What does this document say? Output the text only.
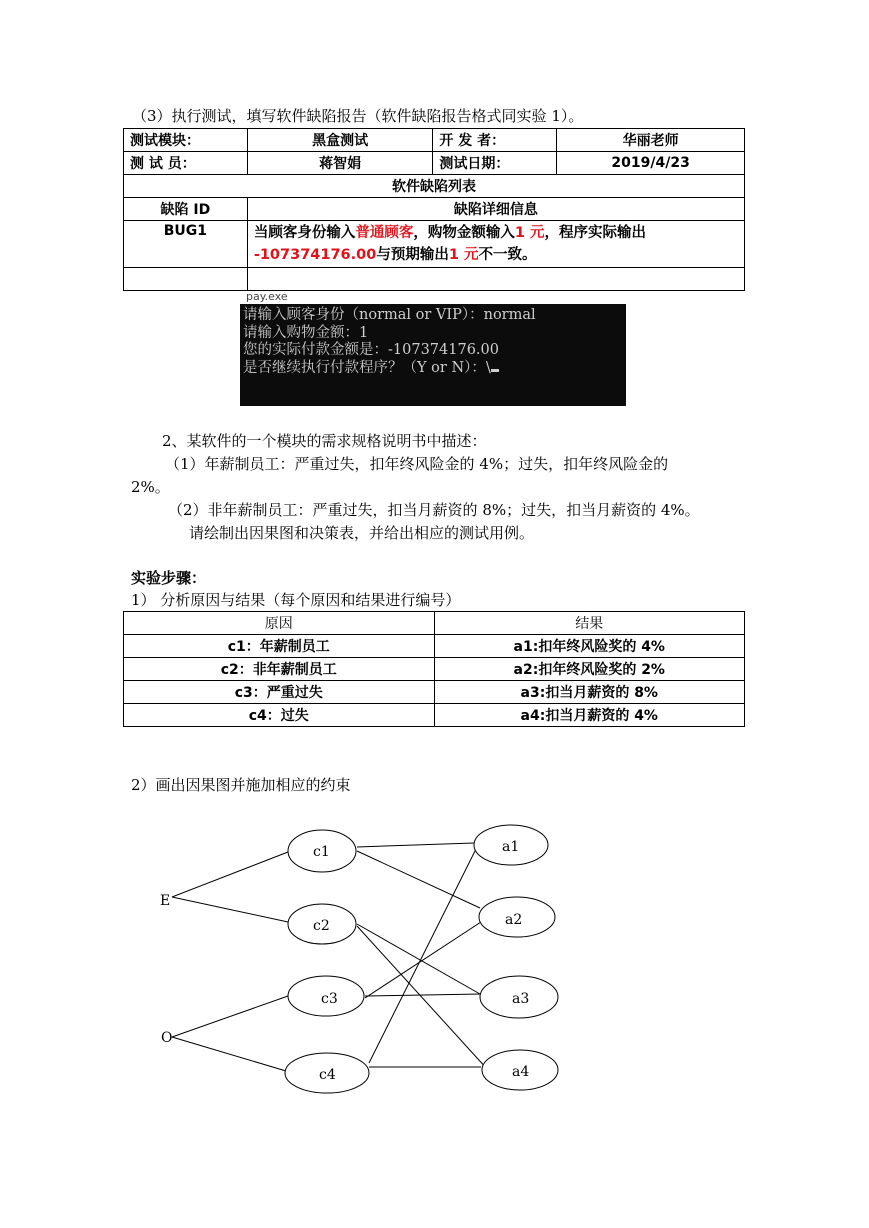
（3）执行测试，填写软件缺陷报告（软件缺陷报告格式同实验 1）。
测试模块：	黑盒测试	开 发 者：	华丽老师
测 试 员：	蒋智娟	测试日期：	2019/4/23
软件缺陷列表			
缺陷 ID	缺陷详细信息		
BUG1	当顾客身份输入普通顾客，购物金额输入1 元，程序实际输出
-107374176.00与预期输出1 元不一致。		

pay.exe
请输入顾客身份（normal or VIP）：normal
请输入购物金额：1
您的实际付款金额是：-107374176.00
是否继续执行付款程序？（Y or N）：\
2、某软件的一个模块的需求规格说明书中描述：
（1）年薪制员工：严重过失，扣年终风险金的 4%；过失，扣年终风险金的
2%。
（2）非年薪制员工：严重过失，扣当月薪资的 8%；过失，扣当月薪资的 4%。
请绘制出因果图和决策表，并给出相应的测试用例。
实验步骤：
1） 分析原因与结果（每个原因和结果进行编号）
原因	结果
c1：年薪制员工	a1:扣年终风险奖的 4%
c2：非年薪制员工	a2:扣年终风险奖的 2%
c3：严重过失	a3:扣当月薪资的 8%
c4：过失	a4:扣当月薪资的 4%
2）画出因果图并施加相应的约束
E
O
c1
c2
c3
c4
a1
a2
a3
a4
